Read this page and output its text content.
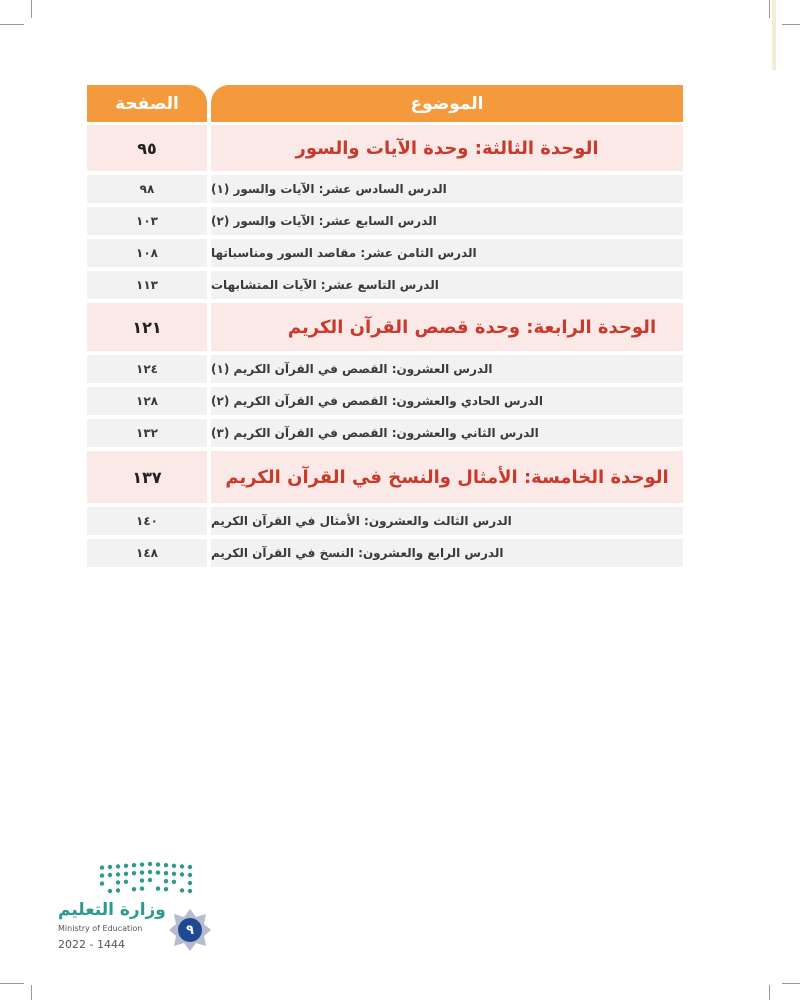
الصفحة	الموضوع
٩٥	الوحدة الثالثة: وحدة الآيات والسور
٩٨	الدرس السادس عشر: الآيات والسور (١)
١٠٣	الدرس السابع عشر: الآيات والسور (٢)
١٠٨	الدرس الثامن عشر: مقاصد السور ومناسباتها
١١٣	الدرس التاسع عشر: الآيات المتشابهات
١٢١	الوحدة الرابعة: وحدة قصص القرآن الكريم
١٢٤	الدرس العشرون: القصص في القرآن الكريم (١)
١٢٨	الدرس الحادي والعشرون: القصص في القرآن الكريم (٢)
١٣٢	الدرس الثاني والعشرون: القصص في القرآن الكريم (٣)
١٣٧	الوحدة الخامسة: الأمثال والنسخ في القرآن الكريم
١٤٠	الدرس الثالث والعشرون: الأمثال في القرآن الكريم
١٤٨	الدرس الرابع والعشرون: النسخ في القرآن الكريم
وزارة التعليم
Ministry of Education
2022 - 1444
٩
